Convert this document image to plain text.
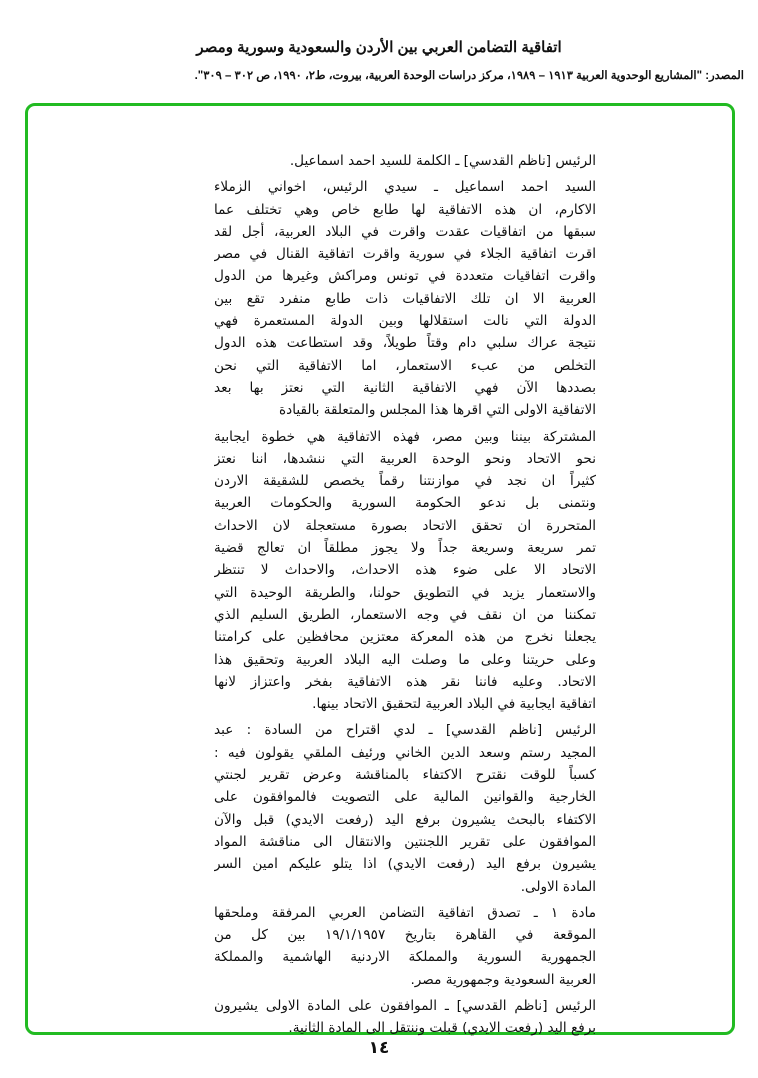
اتفاقية التضامن العربي بين الأردن والسعودية وسورية ومصر
المصدر: "المشاريع الوحدوية العربية ١٩١٣ – ١٩٨٩، مركز دراسات الوحدة العربية، بيروت، ط٢، ١٩٩٠، ص ٣٠٢ – ٣٠٩".
الرئيس [ناظم القدسي] ـ الكلمة للسيد احمد اسماعيل.
السيد احمد اسماعيل ـ سيدي الرئيس، اخواني الزملاء
الاكارم، ان هذه الاتفاقية لها طابع خاص وهي تختلف عما
سبقها من اتفاقيات عقدت واقرت في البلاد العربية، أجل لقد
اقرت اتفاقية الجلاء في سورية واقرت اتفاقية القنال في مصر
واقرت اتفاقيات متعددة في تونس ومراكش وغيرها من الدول
العربية الا ان تلك الاتفاقيات ذات طابع منفرد تقع بين
الدولة التي نالت استقلالها وبين الدولة المستعمرة فهي
نتيجة عراك سلبي دام وقتاً طويلاً، وقد استطاعت هذه الدول
التخلص من عبء الاستعمار، اما الاتفاقية التي نحن
بصددها الآن فهي الاتفاقية الثانية التي نعتز بها بعد
الاتفاقية الاولى التي اقرها هذا المجلس والمتعلقة بالقيادة
المشتركة بيننا وبين مصر، فهذه الاتفاقية هي خطوة ايجابية
نحو الاتحاد ونحو الوحدة العربية التي ننشدها، اننا نعتز
كثيراً ان نجد في موازنتنا رقماً يخصص للشقيقة الاردن
ونتمنى بل ندعو الحكومة السورية والحكومات العربية
المتحررة ان تحقق الاتحاد بصورة مستعجلة لان الاحداث
تمر سريعة وسريعة جداً ولا يجوز مطلقاً ان تعالج قضية
الاتحاد الا على ضوء هذه الاحداث، والاحداث لا تنتظر
والاستعمار يزيد في التطويق حولنا، والطريقة الوحيدة التي
تمكننا من ان نقف في وجه الاستعمار، الطريق السليم الذي
يجعلنا نخرج من هذه المعركة معتزين محافظين على كرامتنا
وعلى حريتنا وعلى ما وصلت اليه البلاد العربية وتحقيق هذا
الاتحاد. وعليه فاننا نقر هذه الاتفاقية بفخر واعتزاز لانها
اتفاقية ايجابية في البلاد العربية لتحقيق الاتحاد بينها.
الرئيس [ناظم القدسي] ـ لدي اقتراح من السادة : عبد
المجيد رستم وسعد الدين الخاني ورئيف الملقي يقولون فيه :
كسباً للوقت نقترح الاكتفاء بالمناقشة وعرض تقرير لجنتي
الخارجية والقوانين المالية على التصويت فالموافقون على
الاكتفاء بالبحث يشيرون برفع اليد (رفعت الايدي) قبل والآن
الموافقون على تقرير اللجنتين والانتقال الى مناقشة المواد
يشيرون برفع اليد (رفعت الايدي) اذا يتلو عليكم امين السر
المادة الاولى.
مادة ١ ـ تصدق اتفاقية التضامن العربي المرفقة وملحقها
الموقعة في القاهرة بتاريخ ١٩/١/١٩٥٧ بين كل من
الجمهورية السورية والمملكة الاردنية الهاشمية والمملكة
العربية السعودية وجمهورية مصر.
الرئيس [ناظم القدسي] ـ الموافقون على المادة الاولى يشيرون
برفع اليد (رفعت الايدي) قبلت وننتقل الى المادة الثانية.
١٤
